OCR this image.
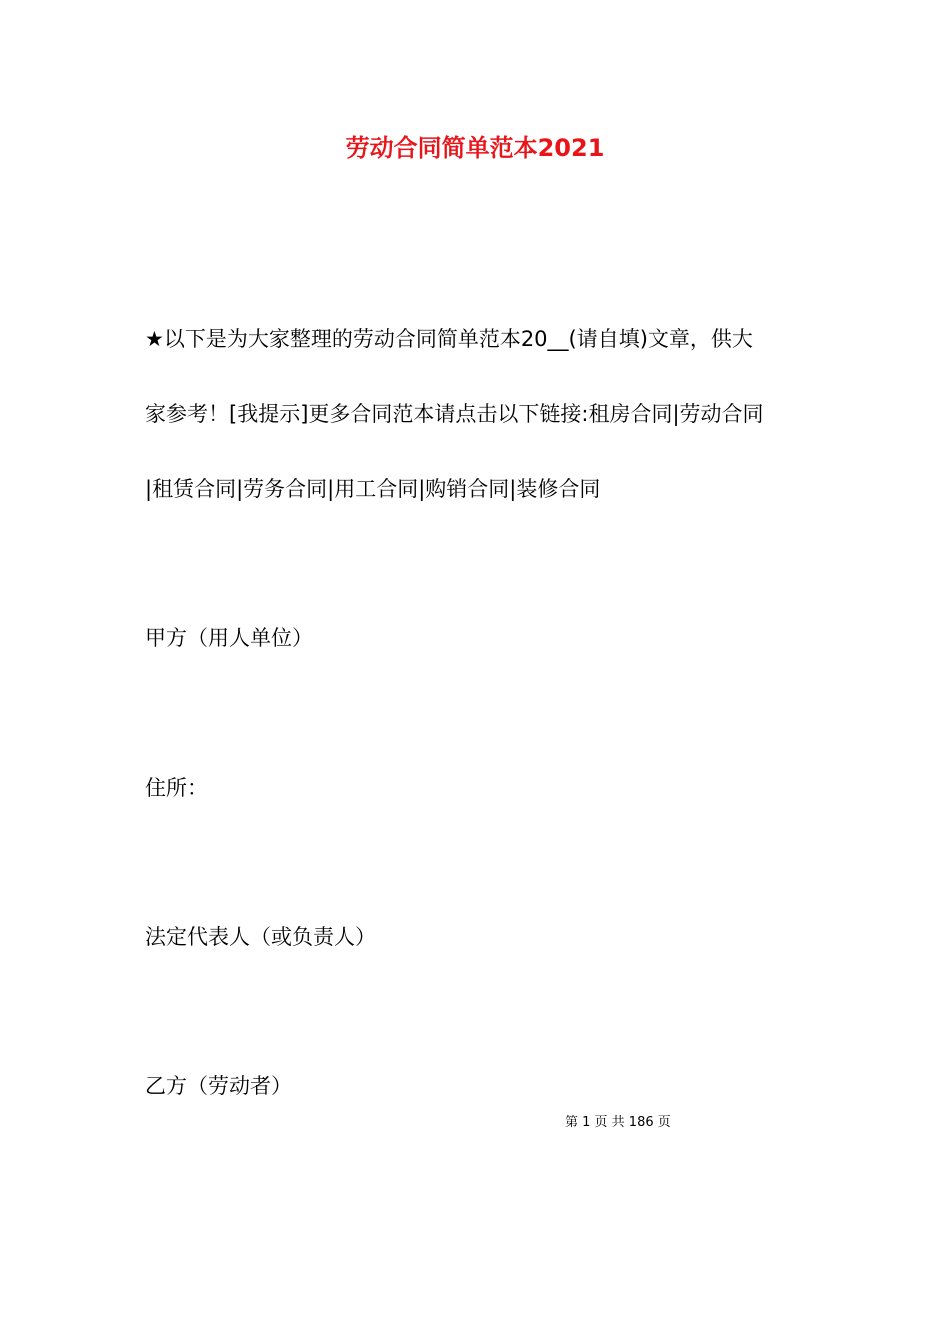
劳动合同简单范本2021
★以下是为大家整理的劳动合同简单范本20__(请自填)文章，供大
家参考！[我提示]更多合同范本请点击以下链接:租房合同|劳动合同
|租赁合同|劳务合同|用工合同|购销合同|装修合同
甲方（用人单位）
住所：
法定代表人（或负责人）
乙方（劳动者）
第 1 页 共 186 页
